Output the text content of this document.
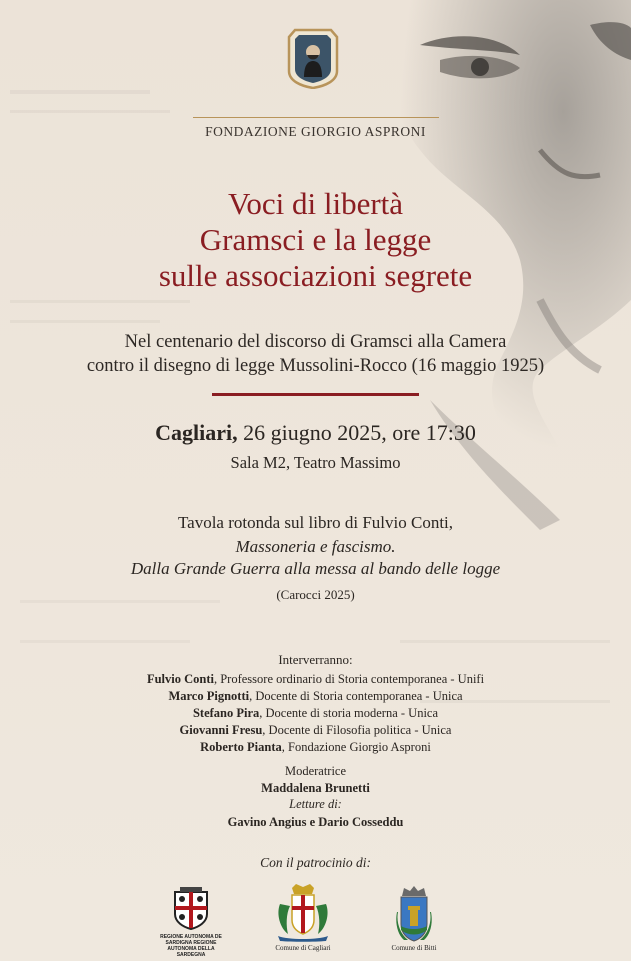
FONDAZIONE GIORGIO ASPRONI
Voci di libertà
Gramsci e la legge
sulle associazioni segrete
Nel centenario del discorso di Gramsci alla Camera
contro il disegno di legge Mussolini-Rocco (16 maggio 1925)
Cagliari, 26 giugno 2025, ore 17:30
Sala M2, Teatro Massimo
Tavola rotonda sul libro di Fulvio Conti,
Massoneria e fascismo.
Dalla Grande Guerra alla messa al bando delle logge
(Carocci 2025)
Interverranno:
Fulvio Conti, Professore ordinario di Storia contemporanea - Unifi
Marco Pignotti, Docente di Storia contemporanea - Unica
Stefano Pira, Docente di storia moderna - Unica
Giovanni Fresu, Docente di Filosofia politica - Unica
Roberto Pianta, Fondazione Giorgio Asproni
Moderatrice
Maddalena Brunetti
Letture di:
Gavino Angius e Dario Cosseddu
Con il patrocinio di:
REGIONE AUTONOMA DE SARDIGNA REGIONE AUTONOMA DELLA SARDEGNA
Comune di Cagliari	Comune di Bitti
